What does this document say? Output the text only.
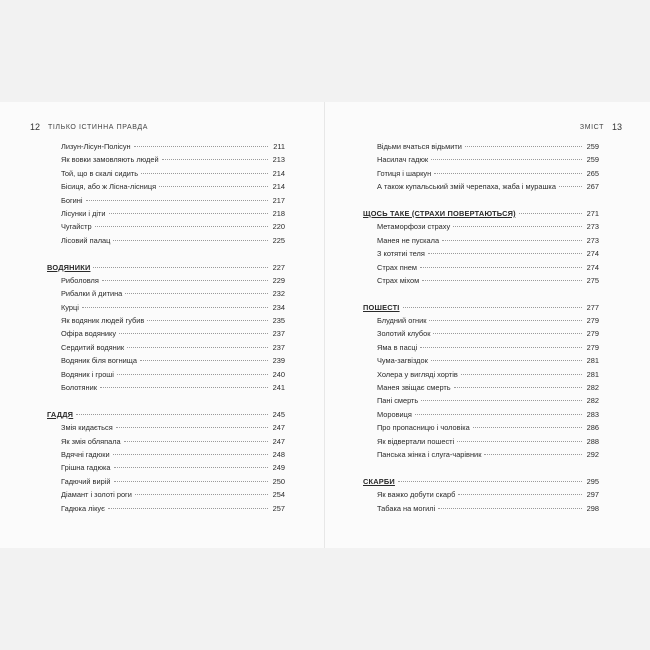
12 ТІЛЬКО ІСТИННА ПРАВДА	ЗМІСТ 13
Лизун-Лісун-Полісун	211
Як вовки замовляють людей	213
Той, що в скалі сидить	214
Бісиця, або ж Лісна-лісниця	214
Богині	217
Лісунки і діти	218
Чугайстр	220
Лісовий палац	225
ВОДЯНИКИ	227
Риболовля	229
Рибалки й дитина	232
Курці	234
Як водяник людей губив	235
Офіра водянику	237
Сердитий водяник	237
Водяник біля вогнища	239
Водяник і гроші	240
Болотяник	241
ГАДДЯ	245
Змія кидається	247
Як змія обляпала	247
Вдячні гадюки	248
Грішна гадюка	249
Гадючий вирій	250
Діамант і золоті роги	254
Гадюка лікує	257
Відьми вчаться відьмити	259
Насилач гадюк	259
Готиця і шаркун	265
А також купальський змій черепаха, жаба і мурашка	267
ЩОСЬ ТАКЕ (СТРАХИ ПОВЕРТАЮТЬСЯ)	271
Метаморфози страху	273
Манея не пускала	273
З котятиі теля	274
Страх пнем	274
Страх міхом	275
ПОШЕСТІ	277
Блудний огник	279
Золотий клубок	279
Яма в пасці	279
Чума-загвіздок	281
Холера у вигляді хортів	281
Манея звіщає смерть	282
Пані смерть	282
Моровиця	283
Про пропасницю і чоловіка	286
Як відвертали пошесті	288
Панська жінка і слуга-чарівник	292
СКАРБИ	295
Як важко добути скарб	297
Табака на могилі	298
